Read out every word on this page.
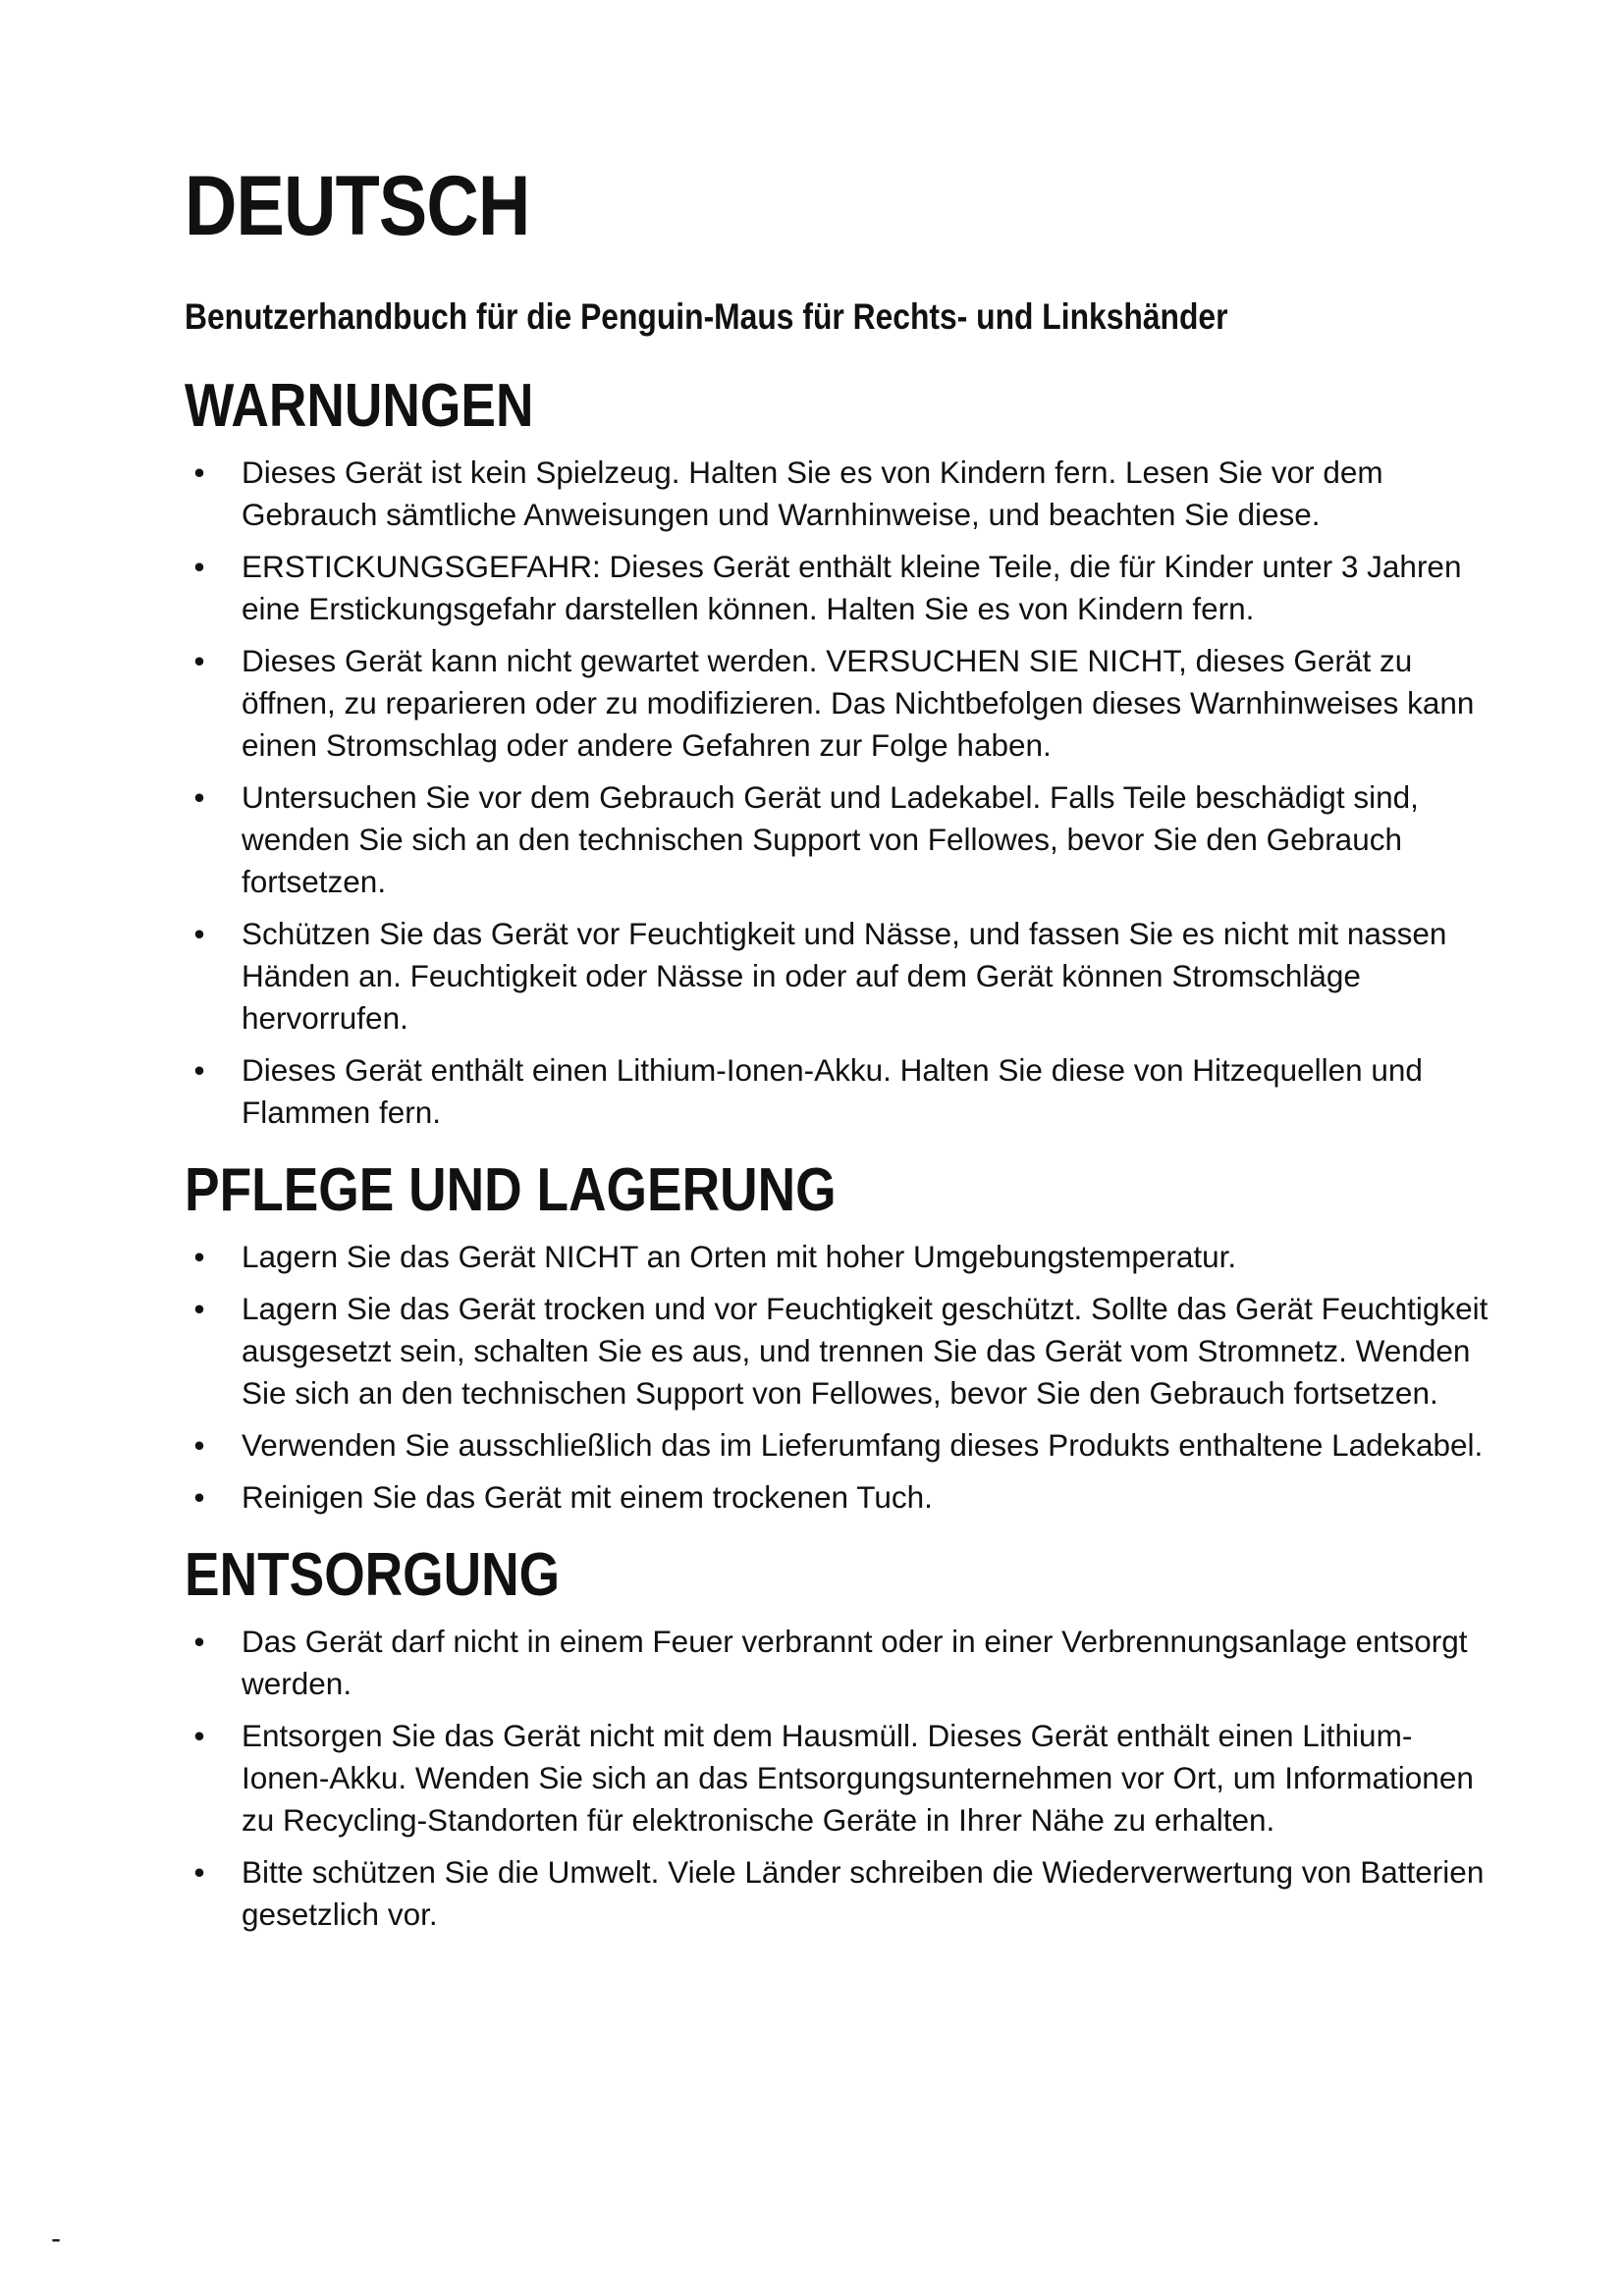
DEUTSCH
Benutzerhandbuch für die Penguin-Maus für Rechts- und Linkshänder
WARNUNGEN
•	Dieses Gerät ist kein Spielzeug. Halten Sie es von Kindern fern. Lesen Sie vor dem Gebrauch sämtliche Anweisungen und Warnhinweise, und beachten Sie diese.
•	ERSTICKUNGSGEFAHR: Dieses Gerät enthält kleine Teile, die für Kinder unter 3 Jahren eine Erstickungsgefahr darstellen können. Halten Sie es von Kindern fern.
•	Dieses Gerät kann nicht gewartet werden. VERSUCHEN SIE NICHT, dieses Gerät zu öffnen, zu reparieren oder zu modifizieren. Das Nichtbefolgen dieses Warnhinweises kann einen Stromschlag oder andere Gefahren zur Folge haben.
•	Untersuchen Sie vor dem Gebrauch Gerät und Ladekabel. Falls Teile beschädigt sind, wenden Sie sich an den technischen Support von Fellowes, bevor Sie den Gebrauch fortsetzen.
•	Schützen Sie das Gerät vor Feuchtigkeit und Nässe, und fassen Sie es nicht mit nassen Händen an. Feuchtigkeit oder Nässe in oder auf dem Gerät können Stromschläge hervorrufen.
•	Dieses Gerät enthält einen Lithium-Ionen-Akku. Halten Sie diese von Hitzequellen und Flammen fern.
PFLEGE UND LAGERUNG
•	Lagern Sie das Gerät NICHT an Orten mit hoher Umgebungstemperatur.
•	Lagern Sie das Gerät trocken und vor Feuchtigkeit geschützt. Sollte das Gerät Feuchtigkeit ausgesetzt sein, schalten Sie es aus, und trennen Sie das Gerät vom Stromnetz. Wenden Sie sich an den technischen Support von Fellowes, bevor Sie den Gebrauch fortsetzen.
•	Verwenden Sie ausschließlich das im Lieferumfang dieses Produkts enthaltene Ladekabel.
•	Reinigen Sie das Gerät mit einem trockenen Tuch.
ENTSORGUNG
•	Das Gerät darf nicht in einem Feuer verbrannt oder in einer Verbrennungsanlage entsorgt werden.
•	Entsorgen Sie das Gerät nicht mit dem Hausmüll. Dieses Gerät enthält einen Lithium-Ionen-Akku. Wenden Sie sich an das Entsorgungsunternehmen vor Ort, um Informationen zu Recycling-Standorten für elektronische Geräte in Ihrer Nähe zu erhalten.
•	Bitte schützen Sie die Umwelt. Viele Länder schreiben die Wiederverwertung von Batterien gesetzlich vor.
-
